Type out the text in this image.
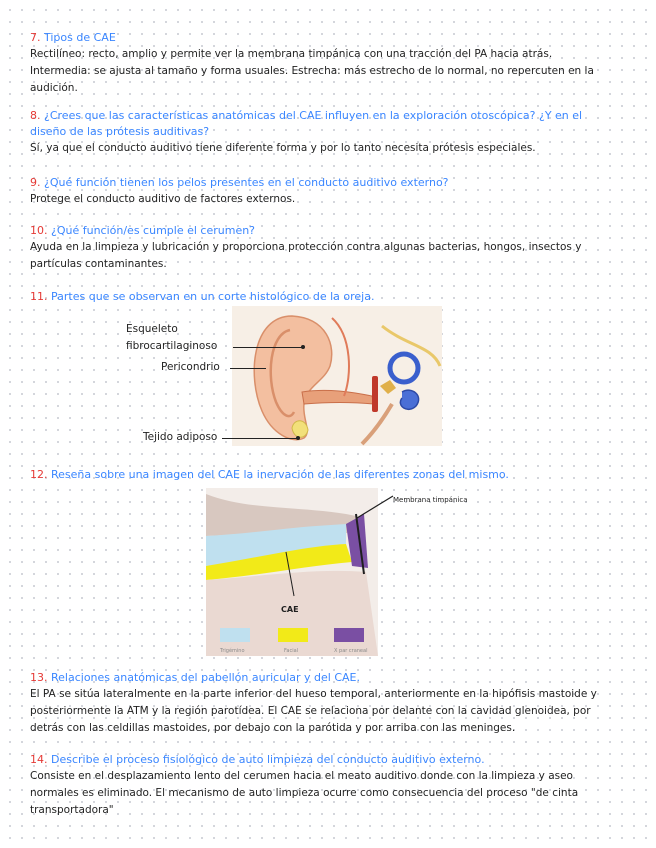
7. Tipos de CAE

Rectilíneo: recto, amplio y permite ver la membrana timpánica con una tracción del PA hacia atrás.

Intermedia: se ajusta al tamaño y forma usuales. Estrecha: más estrecho de lo normal, no repercuten en la

audición.

8. ¿Crees que las características anatómicas del CAE influyen en la exploración otoscópica? ¿Y en el

diseño de las prótesis auditivas?

Sí, ya que el conducto auditivo tiene diferente forma y por lo tanto necesita prótesis especiales.

9. ¿Qué función tienen los pelos presentes en el conducto auditivo externo?

Protege el conducto auditivo de factores externos.

10. ¿Qué función/es cumple el cerumen?

Ayuda en la limpieza y lubricación y proporciona protección contra algunas bacterias, hongos, insectos y

partículas contaminantes.

11. Partes que se observan en un corte histológico de la oreja.

Esqueleto
fibrocartilaginoso
Pericondrio
Tejido adiposo

12. Reseña sobre una imagen del CAE la inervación de las diferentes zonas del mismo.

CAE
Trigémino	Facial	X par craneal
Membrana timpánica

13. Relaciones anatómicas del pabellón auricular y del CAE.

El PA se sitúa lateralmente en la parte inferior del hueso temporal, anteriormente en la hipófisis mastoide y

posteriormente la ATM y la región parotídea. El CAE se relaciona por delante con la cavidad glenoidea, por

detrás con las celdillas mastoides, por debajo con la parótida y por arriba con las meninges.

14. Describe el proceso fisiológico de auto limpieza del conducto auditivo externo.

Consiste en el desplazamiento lento del cerumen hacia el meato auditivo donde con la limpieza y aseo

normales es eliminado. El mecanismo de auto limpieza ocurre como consecuencia del proceso "de cinta

transportadora"
